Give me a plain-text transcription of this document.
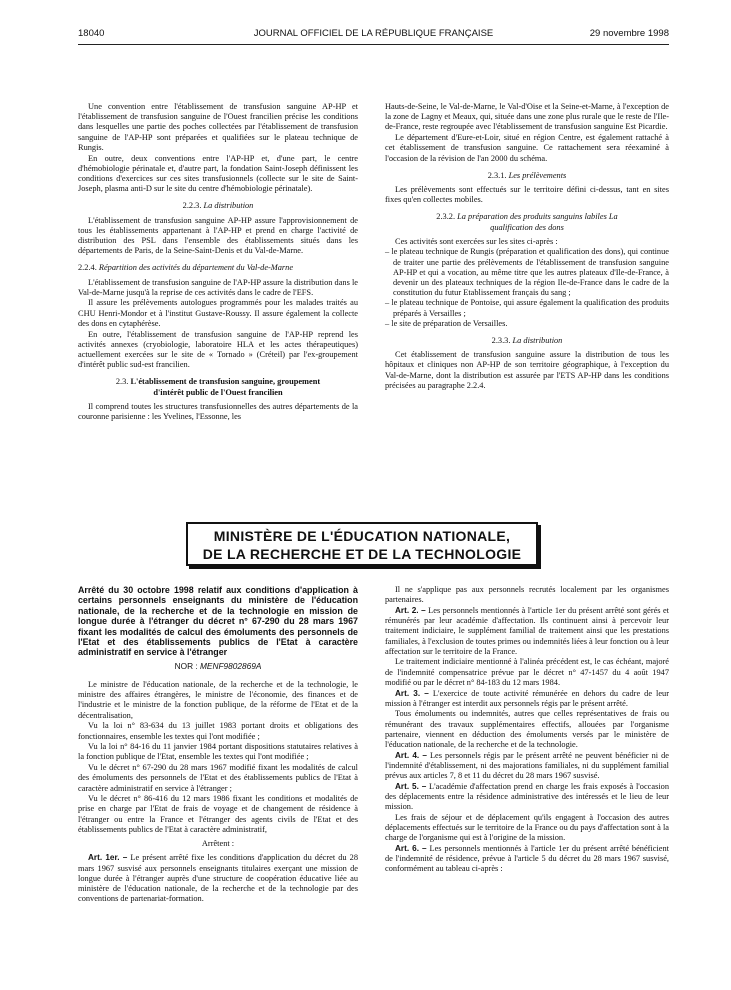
18040	JOURNAL OFFICIEL DE LA RÉPUBLIQUE FRANÇAISE	29 novembre 1998

Une convention entre l'établissement de transfusion sanguine AP-HP et l'établissement de transfusion sanguine de l'Ouest francilien précise les conditions dans lesquelles une partie des poches collectées par l'établissement de transfusion sanguine de l'AP-HP sont préparées et qualifiées sur le plateau technique de Rungis.

En outre, deux conventions entre l'AP-HP et, d'une part, le centre d'hémobiologie périnatale et, d'autre part, la fondation Saint-Joseph définissent les conditions d'exercices sur ces sites transfusionnels (collecte sur le site de Saint-Joseph, plasma anti-D sur le site du centre d'hémobiologie périnatale).

2.2.3. La distribution

L'établissement de transfusion sanguine AP-HP assure l'approvisionnement de tous les établissements appartenant à l'AP-HP et prend en charge l'activité de distribution des PSL dans l'ensemble des établissements situés dans les départements de Paris, de la Seine-Saint-Denis et du Val-de-Marne.

2.2.4. Répartition des activités du département du Val-de-Marne

L'établissement de transfusion sanguine de l'AP-HP assure la distribution dans le Val-de-Marne jusqu'à la reprise de ces activités dans le cadre de l'EFS.

Il assure les prélèvements autologues programmés pour les malades traités au CHU Henri-Mondor et à l'institut Gustave-Roussy. Il assure également la collecte des dons en cytaphérèse.

En outre, l'établissement de transfusion sanguine de l'AP-HP reprend les activités annexes (cryobiologie, laboratoire HLA et les actes thérapeutiques) actuellement exercées sur le site de « Tornado » (Créteil) par l'ex-groupement d'intérêt public sud-est francilien.

2.3. L'établissement de transfusion sanguine, groupement d'intérêt public de l'Ouest francilien

Il comprend toutes les structures transfusionnelles des autres départements de la couronne parisienne : les Yvelines, l'Essonne, les

Hauts-de-Seine, le Val-de-Marne, le Val-d'Oise et la Seine-et-Marne, à l'exception de la zone de Lagny et Meaux, qui, située dans une zone plus rurale que le reste de l'Ile-de-France, reste regroupée avec l'établissement de transfusion sanguine Est Picardie.

Le département d'Eure-et-Loir, situé en région Centre, est également rattaché à cet établissement de transfusion sanguine. Ce rattachement sera réexaminé à l'occasion de la révision de l'an 2000 du schéma.

2.3.1. Les prélèvements

Les prélèvements sont effectués sur le territoire défini ci-dessus, tant en sites fixes qu'en collectes mobiles.

2.3.2. La préparation des produits sanguins labiles La qualification des dons

Ces activités sont exercées sur les sites ci-après :

– le plateau technique de Rungis (préparation et qualification des dons), qui continue de traiter une partie des prélèvements de l'établissement de transfusion sanguine AP-HP et qui a vocation, au même titre que les autres plateaux d'Ile-de-France, à devenir un des plateaux techniques de la région Ile-de-France dans le cadre de la constitution du futur Etablissement français du sang ;
– le plateau technique de Pontoise, qui assure également la qualification des produits préparés à Versailles ;
– le site de préparation de Versailles.
2.3.3. La distribution

Cet établissement de transfusion sanguine assure la distribution de tous les hôpitaux et cliniques non AP-HP de son territoire géographique, à l'exception du Val-de-Marne, dont la distribution est assurée par l'ETS AP-HP dans les conditions précisées au paragraphe 2.2.4.

MINISTÈRE DE L'ÉDUCATION NATIONALE,
DE LA RECHERCHE ET DE LA TECHNOLOGIE
Arrêté du 30 octobre 1998 relatif aux conditions d'application à certains personnels enseignants du ministère de l'éducation nationale, de la recherche et de la technologie en mission de longue durée à l'étranger du décret n° 67-290 du 28 mars 1967 fixant les modalités de calcul des émoluments des personnels de l'Etat et des établissements publics de l'Etat à caractère administratif en service à l'étranger
NOR : MENF9802869A

Le ministre de l'éducation nationale, de la recherche et de la technologie, le ministre des affaires étrangères, le ministre de l'économie, des finances et de l'industrie et le ministre de la fonction publique, de la réforme de l'Etat et de la décentralisation,

Vu la loi n° 83-634 du 13 juillet 1983 portant droits et obligations des fonctionnaires, ensemble les textes qui l'ont modifiée ;

Vu la loi n° 84-16 du 11 janvier 1984 portant dispositions statutaires relatives à la fonction publique de l'Etat, ensemble les textes qui l'ont modifiée ;

Vu le décret n° 67-290 du 28 mars 1967 modifié fixant les modalités de calcul des émoluments des personnels de l'Etat et des établissements publics de l'Etat à caractère administratif en service à l'étranger ;

Vu le décret n° 86-416 du 12 mars 1986 fixant les conditions et modalités de prise en charge par l'Etat de frais de voyage et de changement de résidence à l'étranger ou entre la France et l'étranger des agents civils de l'Etat et des établissements publics de l'Etat à caractère administratif,

Arrêtent :

Art. 1er. – Le présent arrêté fixe les conditions d'application du décret du 28 mars 1967 susvisé aux personnels enseignants titulaires exerçant une mission de longue durée à l'étranger auprès d'une structure de coopération éducative liée au ministère de l'éducation nationale, de la recherche et de la technologie par des conventions de partenariat-formation.

Il ne s'applique pas aux personnels recrutés localement par les organismes partenaires.

Art. 2. – Les personnels mentionnés à l'article 1er du présent arrêté sont gérés et rémunérés par leur académie d'affectation. Ils continuent ainsi à percevoir leur traitement indiciaire, le supplément familial de traitement ainsi que les prestations familiales, à l'exclusion de toutes primes ou indemnités liées à leur fonction ou à leur affectation sur le territoire de la France.

Le traitement indiciaire mentionné à l'alinéa précédent est, le cas échéant, majoré de l'indemnité compensatrice prévue par le décret n° 47-1457 du 4 août 1947 modifié ou par le décret n° 84-183 du 12 mars 1984.

Art. 3. – L'exercice de toute activité rémunérée en dehors du cadre de leur mission à l'étranger est interdit aux personnels régis par le présent arrêté.

Tous émoluments ou indemnités, autres que celles représentatives de frais ou rémunérant des travaux supplémentaires effectifs, allouées par l'organisme partenaire, viennent en déduction des émoluments versés par le ministère de l'éducation nationale, de la recherche et de la technologie.

Art. 4. – Les personnels régis par le présent arrêté ne peuvent bénéficier ni de l'indemnité d'établissement, ni des majorations familiales, ni du supplément familial prévus aux articles 7, 8 et 11 du décret du 28 mars 1967 susvisé.

Art. 5. – L'académie d'affectation prend en charge les frais exposés à l'occasion des déplacements entre la résidence administrative des intéressés et le lieu de leur mission.

Les frais de séjour et de déplacement qu'ils engagent à l'occasion des autres déplacements effectués sur le territoire de la France ou du pays d'affectation sont à la charge de l'organisme qui est à l'origine de la mission.

Art. 6. – Les personnels mentionnés à l'article 1er du présent arrêté bénéficient de l'indemnité de résidence, prévue à l'article 5 du décret du 28 mars 1967 susvisé, conformément au tableau ci-après :
